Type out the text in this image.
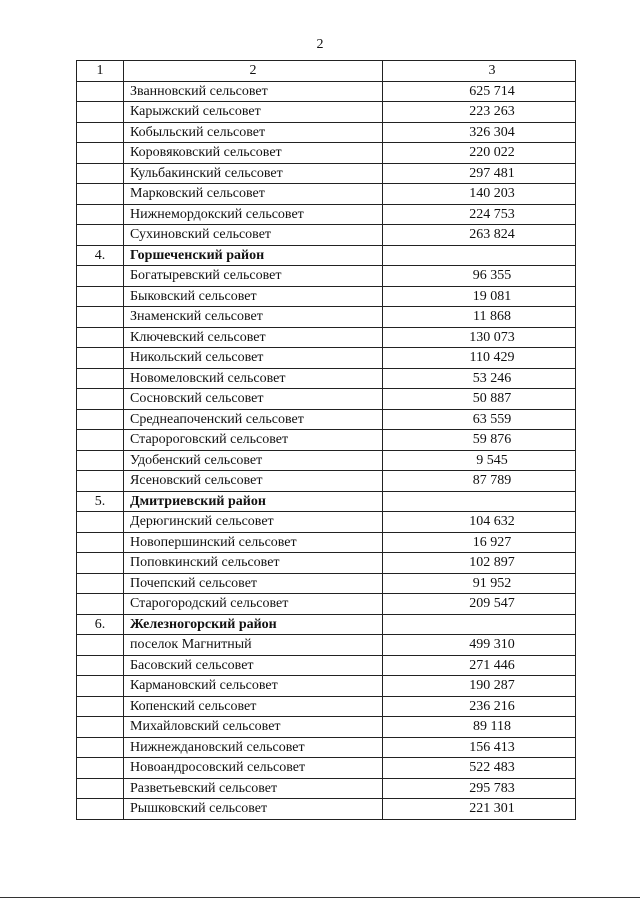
2
1	2	3
	Званновский сельсовет	625 714
	Карыжский сельсовет	223 263
	Кобыльский сельсовет	326 304
	Коровяковский сельсовет	220 022
	Кульбакинский сельсовет	297 481
	Марковский сельсовет	140 203
	Нижнемордокский сельсовет	224 753
	Сухиновский сельсовет	263 824
4.	Горшеченский район	
	Богатыревский сельсовет	96 355
	Быковский сельсовет	19 081
	Знаменский сельсовет	11 868
	Ключевский сельсовет	130 073
	Никольский сельсовет	110 429
	Новомеловский сельсовет	53 246
	Сосновский сельсовет	50 887
	Среднеапоченский сельсовет	63 559
	Старороговский сельсовет	59 876
	Удобенский сельсовет	9 545
	Ясеновский сельсовет	87 789
5.	Дмитриевский район	
	Дерюгинский сельсовет	104 632
	Новопершинский сельсовет	16 927
	Поповкинский сельсовет	102 897
	Почепский сельсовет	91 952
	Старогородский сельсовет	209 547
6.	Железногорский район	
	поселок Магнитный	499 310
	Басовский сельсовет	271 446
	Кармановский сельсовет	190 287
	Копенский сельсовет	236 216
	Михайловский сельсовет	89 118
	Нижнеждановский сельсовет	156 413
	Новоандросовский сельсовет	522 483
	Разветьевский сельсовет	295 783
	Рышковский сельсовет	221 301
